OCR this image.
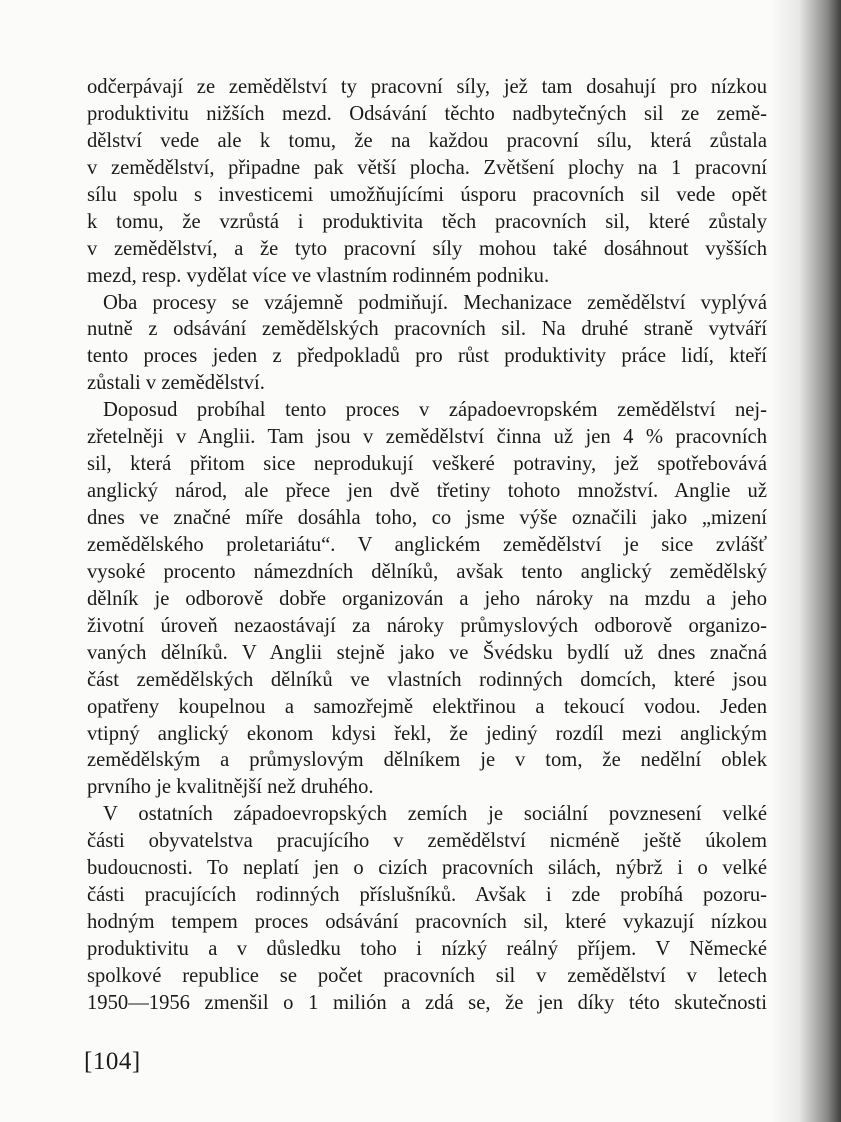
odčerpávají ze zemědělství ty pracovní síly, jež tam dosahují pro nízkou
produktivitu nižších mezd. Odsávání těchto nadbytečných sil ze země-
dělství vede ale k tomu, že na každou pracovní sílu, která zůstala
v zemědělství, připadne pak větší plocha. Zvětšení plochy na 1 pracovní
sílu spolu s investicemi umožňujícími úsporu pracovních sil vede opět
k tomu, že vzrůstá i produktivita těch pracovních sil, které zůstaly
v zemědělství, a že tyto pracovní síly mohou také dosáhnout vyšších
mezd, resp. vydělat více ve vlastním rodinném podniku.
Oba procesy se vzájemně podmiňují. Mechanizace zemědělství vyplývá
nutně z odsávání zemědělských pracovních sil. Na druhé straně vytváří
tento proces jeden z předpokladů pro růst produktivity práce lidí, kteří
zůstali v zemědělství.
Doposud probíhal tento proces v západoevropském zemědělství nej-
zřetelněji v Anglii. Tam jsou v zemědělství činna už jen 4 % pracovních
sil, která přitom sice neprodukují veškeré potraviny, jež spotřebovává
anglický národ, ale přece jen dvě třetiny tohoto množství. Anglie už
dnes ve značné míře dosáhla toho, co jsme výše označili jako „mizení
zemědělského proletariátu“. V anglickém zemědělství je sice zvlášť
vysoké procento námezdních dělníků, avšak tento anglický zemědělský
dělník je odborově dobře organizován a jeho nároky na mzdu a jeho
životní úroveň nezaostávají za nároky průmyslových odborově organizo-
vaných dělníků. V Anglii stejně jako ve Švédsku bydlí už dnes značná
část zemědělských dělníků ve vlastních rodinných domcích, které jsou
opatřeny koupelnou a samozřejmě elektřinou a tekoucí vodou. Jeden
vtipný anglický ekonom kdysi řekl, že jediný rozdíl mezi anglickým
zemědělským a průmyslovým dělníkem je v tom, že nedělní oblek
prvního je kvalitnější než druhého.
V ostatních západoevropských zemích je sociální povznesení velké
části obyvatelstva pracujícího v zemědělství nicméně ještě úkolem
budoucnosti. To neplatí jen o cizích pracovních silách, nýbrž i o velké
části pracujících rodinných příslušníků. Avšak i zde probíhá pozoru-
hodným tempem proces odsávání pracovních sil, které vykazují nízkou
produktivitu a v důsledku toho i nízký reálný příjem. V Německé
spolkové republice se počet pracovních sil v zemědělství v letech
1950—1956 zmenšil o 1 milión a zdá se, že jen díky této skutečnosti
[104]
